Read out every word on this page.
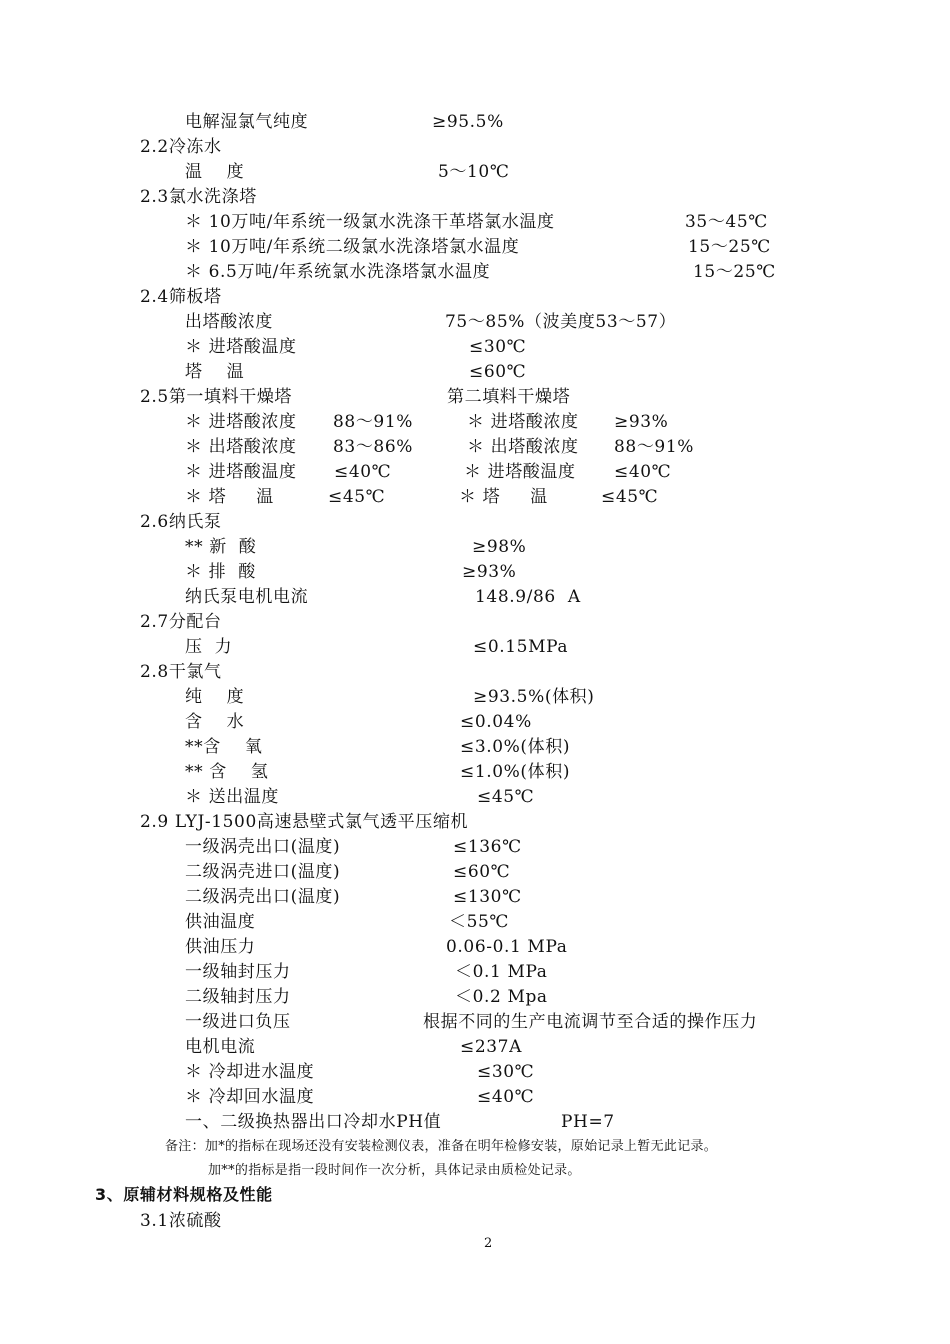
电解湿氯气纯度	≥95.5%
2.2冷冻水
温    度	5～10℃
2.3氯水洗涤塔
＊ 10万吨/年系统一级氯水洗涤干革塔氯水温度	35～45℃
＊ 10万吨/年系统二级氯水洗涤塔氯水温度	15～25℃
＊ 6.5万吨/年系统氯水洗涤塔氯水温度	15～25℃
2.4筛板塔
出塔酸浓度	75～85%（波美度53～57）
＊ 进塔酸温度	≤30℃
塔    温	≤60℃
2.5第一填料干燥塔	第二填料干燥塔
＊ 进塔酸浓度 88～91%	＊ 进塔酸浓度 ≥93%
＊ 出塔酸浓度 83～86%	＊ 出塔酸浓度 88～91%
＊ 进塔酸温度 ≤40℃	＊ 进塔酸温度 ≤40℃
＊ 塔     温	≤45℃	＊ 塔     温	≤45℃
2.6纳氏泵
** 新  酸	≥98%
＊ 排  酸	≥93%
纳氏泵电机电流	148.9/86  A
2.7分配台
压  力	≤0.15MPa
2.8干氯气
纯    度	≥93.5%(体积)
含    水	≤0.04%
**含    氧	≤3.0%(体积)
** 含    氢	≤1.0%(体积)
＊ 送出温度	≤45℃
2.9 LYJ-1500高速悬壁式氯气透平压缩机
一级涡壳出口(温度)	≤136℃
二级涡壳进口(温度)	≤60℃
二级涡壳出口(温度)	≤130℃
供油温度	＜55℃
供油压力	0.06-0.1 MPa
一级轴封压力	＜0.1 MPa
二级轴封压力	＜0.2 Mpa
一级进口负压	根据不同的生产电流调节至合适的操作压力
电机电流	≤237A
＊ 冷却进水温度	≤30℃
＊ 冷却回水温度	≤40℃
一、二级换热器出口冷却水PH值	PH=7
备注：加*的指标在现场还没有安装检测仪表，准备在明年检修安装，原始记录上暂无此记录。
加**的指标是指一段时间作一次分析，具体记录由质检处记录。
3、原辅材料规格及性能
3.1浓硫酸
2
